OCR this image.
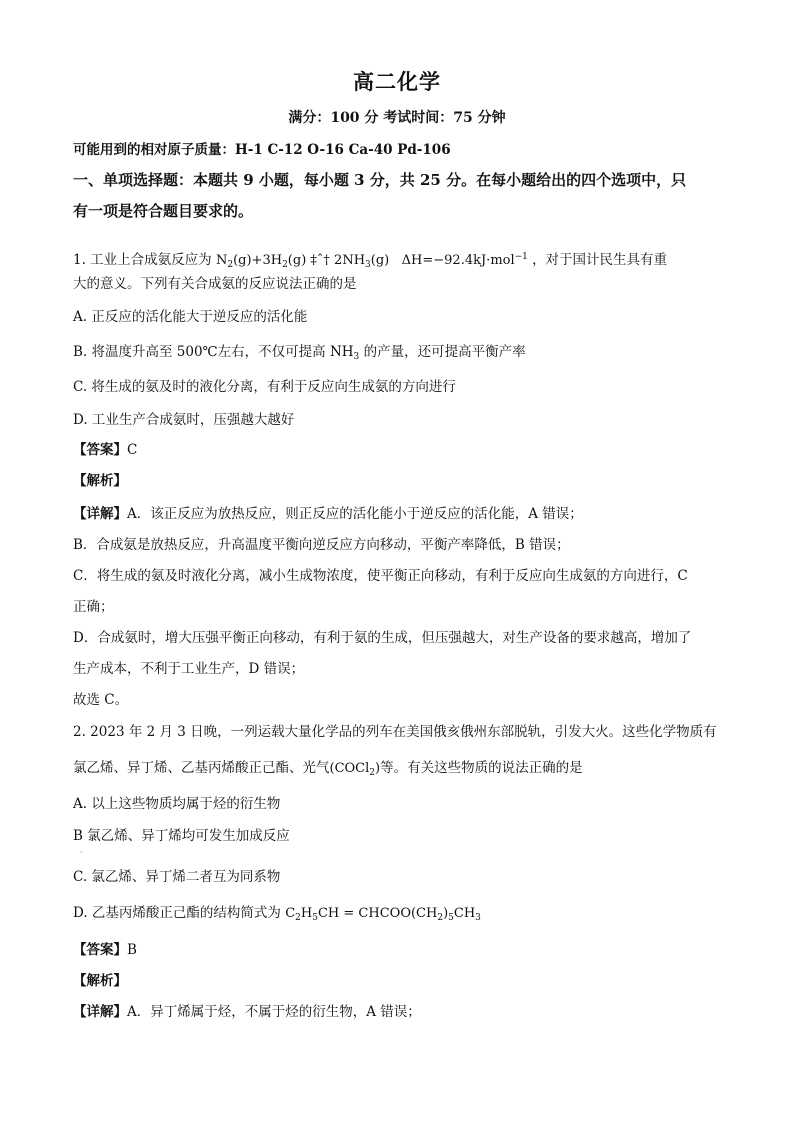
高二化学
满分：100 分 考试时间：75 分钟
可能用到的相对原子质量：H-1 C-12 O-16 Ca-40 Pd-106
一、单项选择题：本题共 9 小题，每小题 3 分，共 25 分。在每小题给出的四个选项中，只
有一项是符合题目要求的。
1. 工业上合成氨反应为 $N_2(g)+3H_2(g)$ ‡ˆ† $2NH_3(g)$ ΔH=−92.4kJ·mol$^{-1}$ ，对于国计民生具有重
大的意义。下列有关合成氨的反应说法正确的是
A. 正反应的活化能大于逆反应的活化能
B. 将温度升高至 500℃左右，不仅可提高 $NH_3$ 的产量，还可提高平衡产率
C. 将生成的氨及时的液化分离，有利于反应向生成氨的方向进行
D. 工业生产合成氨时，压强越大越好
【答案】C
【解析】
【详解】A．该正反应为放热反应，则正反应的活化能小于逆反应的活化能，A 错误；
B．合成氨是放热反应，升高温度平衡向逆反应方向移动，平衡产率降低，B 错误；
C．将生成的氨及时液化分离，减小生成物浓度，使平衡正向移动，有利于反应向生成氨的方向进行，C
正确；
D．合成氨时，增大压强平衡正向移动，有利于氨的生成，但压强越大，对生产设备的要求越高，增加了
生产成本，不利于工业生产，D 错误；
故选 C。
2. 2023 年 2 月 3 日晚，一列运载大量化学品的列车在美国俄亥俄州东部脱轨，引发大火。这些化学物质有
氯乙烯、异丁烯、乙基丙烯酸正己酯、光气(COCl$_2$)等。有关这些物质的说法正确的是
A. 以上这些物质均属于烃的衍生物
B 氯乙烯、异丁烯均可发生加成反应
·
C. 氯乙烯、异丁烯二者互为同系物
D. 乙基丙烯酸正己酯的结构简式为 $C_2H_5CH$ = $CHCOO(CH_2)_5CH_3$
【答案】B
【解析】
【详解】A．异丁烯属于烃，不属于烃的衍生物，A 错误；
